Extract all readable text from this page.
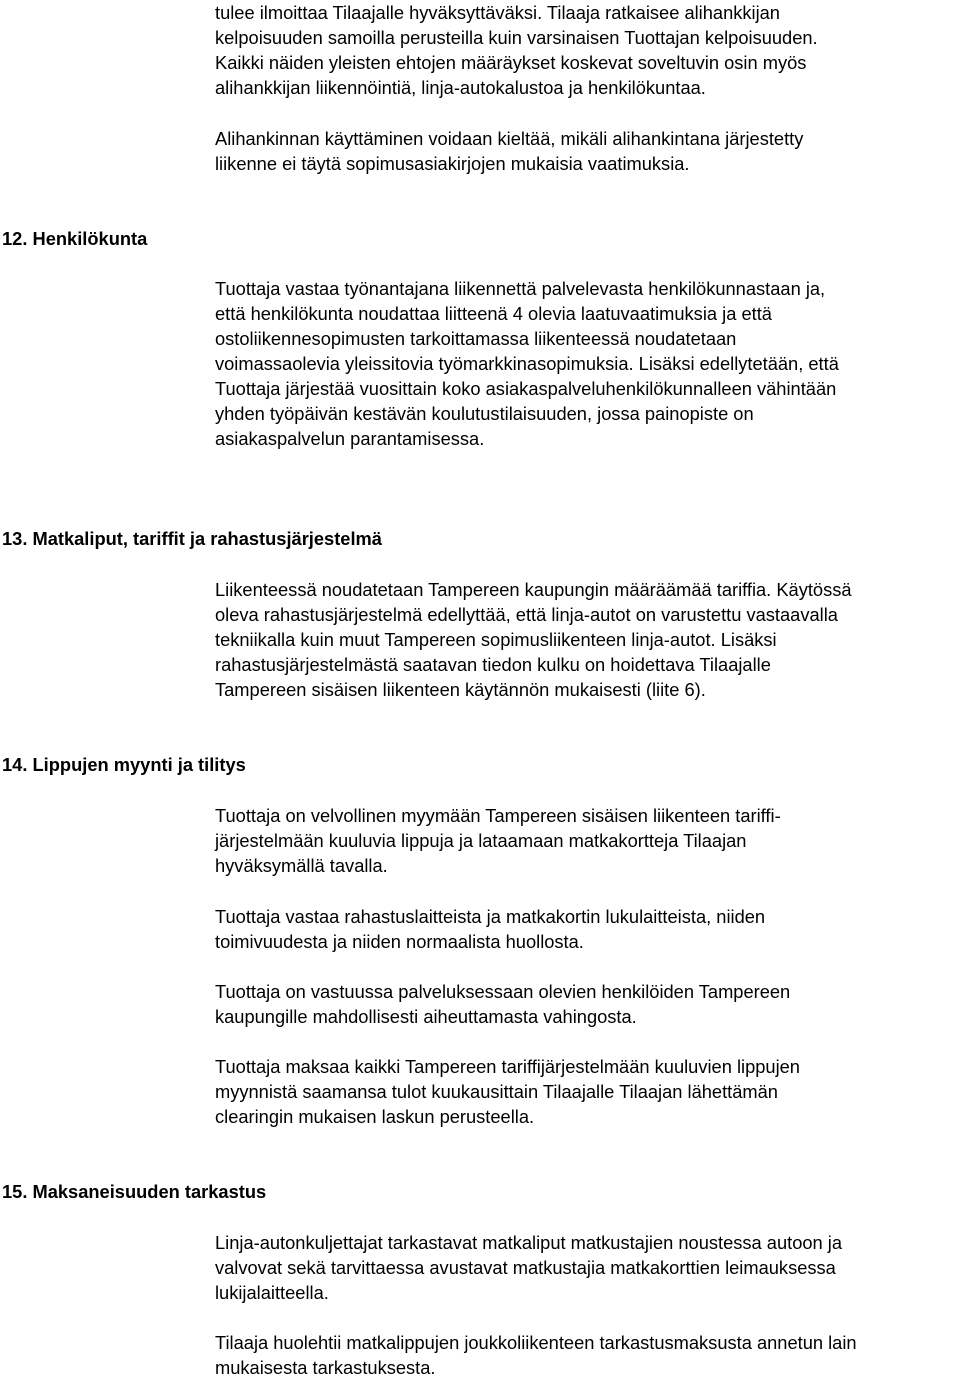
tulee ilmoittaa Tilaajalle hyväksyttäväksi. Tilaaja ratkaisee alihankkijan
kelpoisuuden samoilla perusteilla kuin varsinaisen Tuottajan kelpoisuuden.
Kaikki näiden yleisten ehtojen määräykset koskevat soveltuvin osin myös
alihankkijan liikennöintiä, linja-autokalustoa ja henkilökuntaa.

Alihankinnan käyttäminen voidaan kieltää, mikäli alihankintana järjestetty
liikenne ei täytä sopimusasiakirjojen mukaisia vaatimuksia.

12. Henkilökunta

Tuottaja vastaa työnantajana liikennettä palvelevasta henkilökunnastaan ja,
että henkilökunta noudattaa liitteenä 4 olevia laatuvaatimuksia ja että
ostoliikennesopimusten tarkoittamassa liikenteessä noudatetaan
voimassaolevia yleissitovia työmarkkinasopimuksia. Lisäksi edellytetään, että
Tuottaja järjestää vuosittain koko asiakaspalveluhenkilökunnalleen vähintään
yhden työpäivän kestävän koulutustilaisuuden, jossa painopiste on
asiakaspalvelun parantamisessa.

13. Matkaliput, tariffit ja rahastusjärjestelmä

Liikenteessä noudatetaan Tampereen kaupungin määräämää tariffia. Käytössä
oleva rahastusjärjestelmä edellyttää, että linja-autot on varustettu vastaavalla
tekniikalla kuin muut Tampereen sopimusliikenteen linja-autot. Lisäksi
rahastusjärjestelmästä saatavan tiedon kulku on hoidettava Tilaajalle
Tampereen sisäisen liikenteen käytännön mukaisesti (liite 6).

14. Lippujen myynti ja tilitys

Tuottaja on velvollinen myymään Tampereen sisäisen liikenteen tariffi-
järjestelmään kuuluvia lippuja ja lataamaan matkakortteja Tilaajan
hyväksymällä tavalla.

Tuottaja vastaa rahastuslaitteista ja matkakortin lukulaitteista, niiden
toimivuudesta ja niiden normaalista huollosta.

Tuottaja on vastuussa palveluksessaan olevien henkilöiden Tampereen
kaupungille mahdollisesti aiheuttamasta vahingosta.

Tuottaja maksaa kaikki Tampereen tariffijärjestelmään kuuluvien lippujen
myynnistä saamansa tulot kuukausittain Tilaajalle Tilaajan lähettämän
clearingin mukaisen laskun perusteella.

15. Maksaneisuuden tarkastus

Linja-autonkuljettajat tarkastavat matkaliput matkustajien noustessa autoon ja
valvovat sekä tarvittaessa avustavat matkustajia matkakorttien leimauksessa
lukijalaitteella.

Tilaaja huolehtii matkalippujen joukkoliikenteen tarkastusmaksusta annetun lain
mukaisesta tarkastuksesta.
